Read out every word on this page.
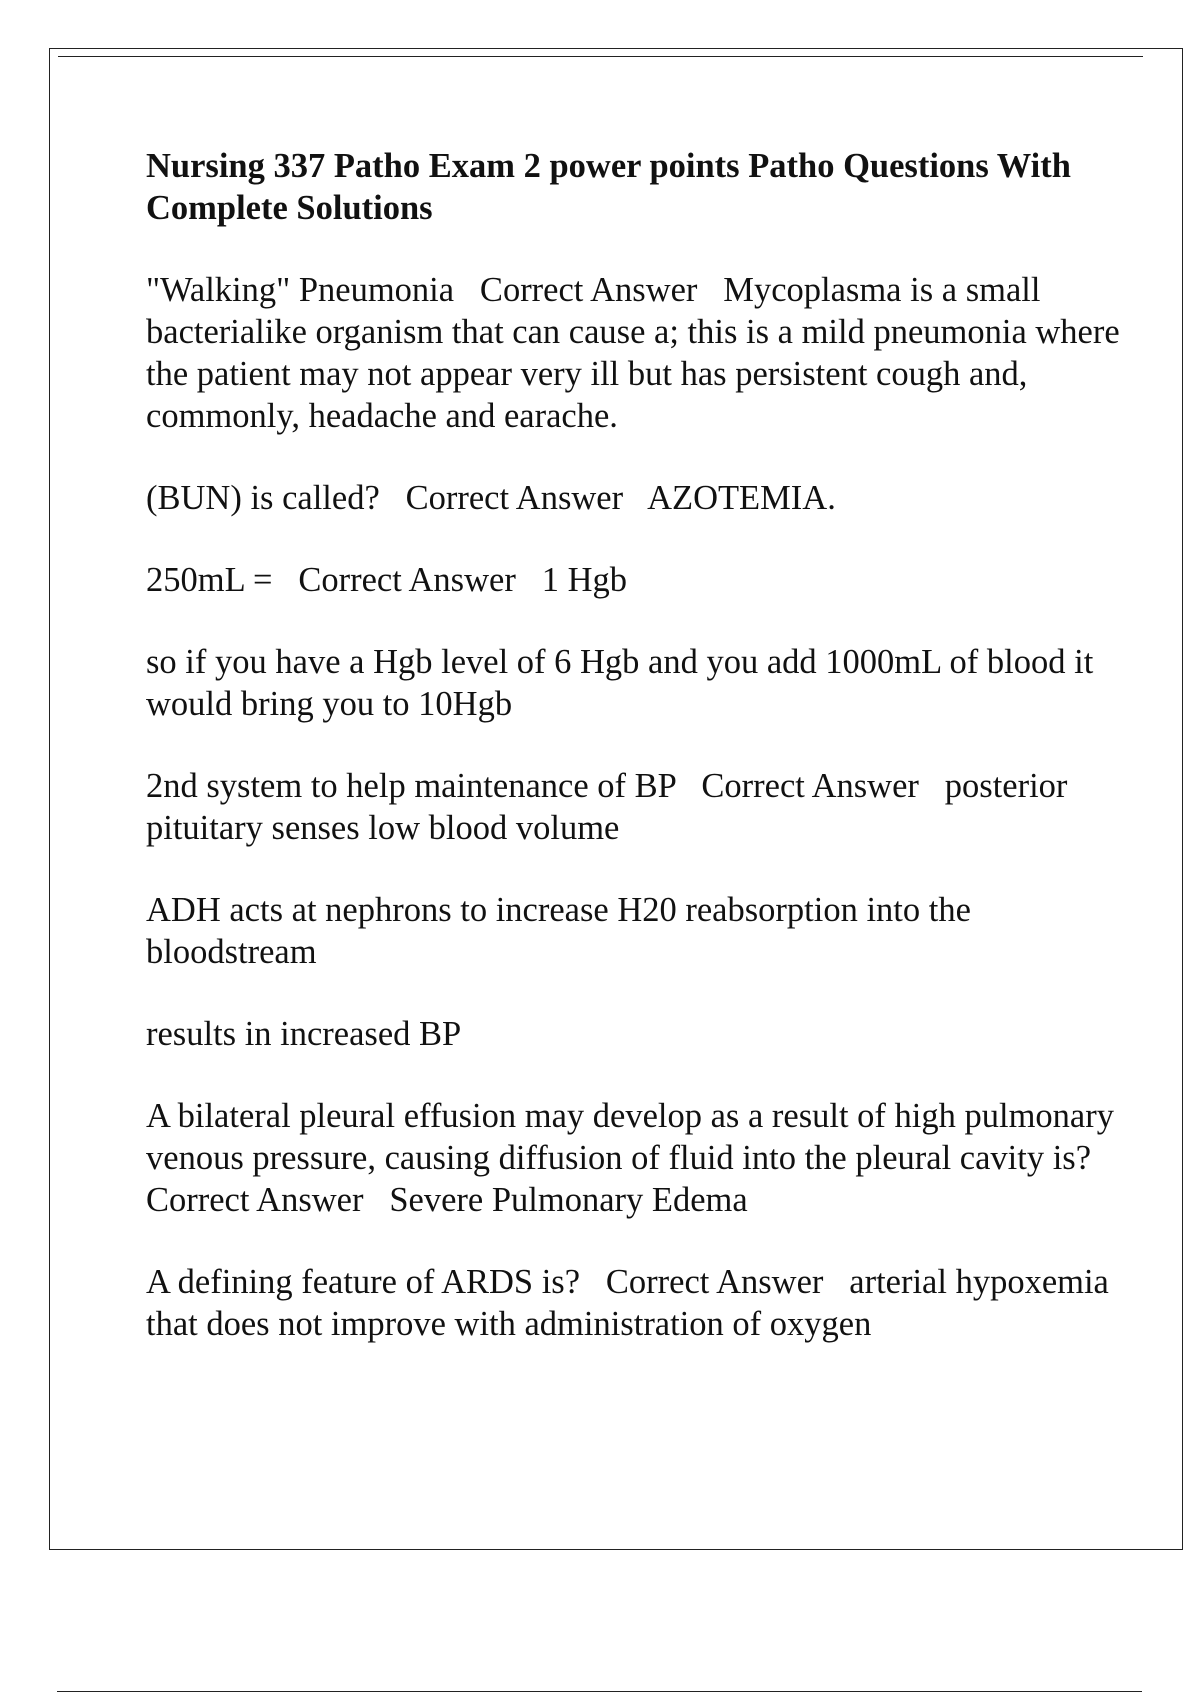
Nursing 337 Patho Exam 2 power points Patho Questions With Complete Solutions

"Walking" Pneumonia   Correct Answer   Mycoplasma is a small bacterialike organism that can cause a; this is a mild pneumonia where the patient may not appear very ill but has persistent cough and, commonly, headache and earache.

(BUN) is called?   Correct Answer   AZOTEMIA.

250mL =   Correct Answer   1 Hgb

so if you have a Hgb level of 6 Hgb and you add 1000mL of blood it would bring you to 10Hgb

2nd system to help maintenance of BP   Correct Answer   posterior pituitary senses low blood volume

ADH acts at nephrons to increase H20 reabsorption into the bloodstream

results in increased BP

A bilateral pleural effusion may develop as a result of high pulmonary venous pressure, causing diffusion of fluid into the pleural cavity is?   Correct Answer   Severe Pulmonary Edema

A defining feature of ARDS is?   Correct Answer   arterial hypoxemia that does not improve with administration of oxygen
